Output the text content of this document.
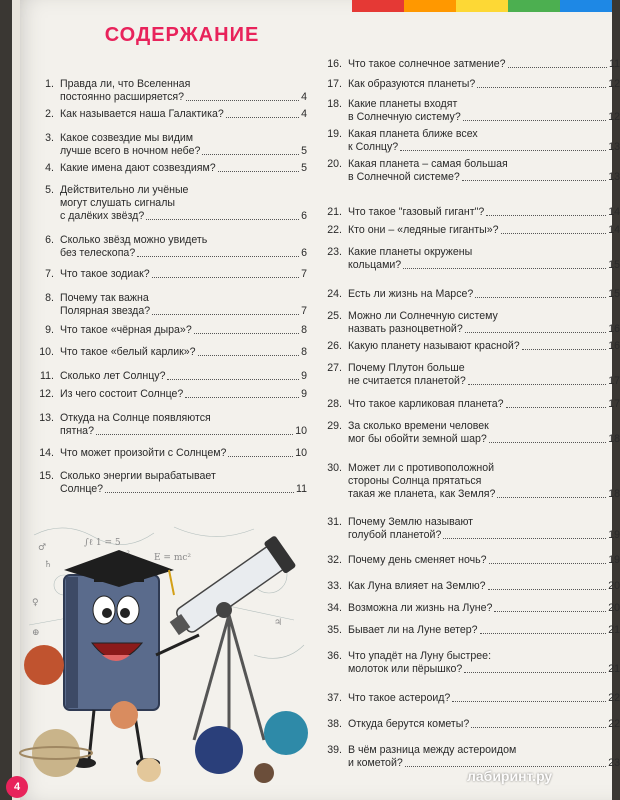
СОДЕРЖАНИЕ
1. Правда ли, что Вселенная
постоянно расширяется?	4
2. Как называется наша Галактика?	4
3. Какое созвездие мы видим
лучше всего в ночном небе?	5
4. Какие имена дают созвездиям?	5
5. Действительно ли учёные
могут слушать сигналы
с далёких звёзд?	6
6. Сколько звёзд можно увидеть
без телескопа?	6
7. Что такое зодиак?	7
8. Почему так важна
Полярная звезда?	7
9. Что такое «чёрная дыра»?	8
10. Что такое «белый карлик»?	8
11. Сколько лет Солнцу?	9
12. Из чего состоит Солнце?	9
13. Откуда на Солнце появляются
пятна?	10
14. Что может произойти с Солнцем?	10
15. Сколько энергии вырабатывает
Солнце?	11
16. Что такое солнечное затмение?	11
17. Как образуются планеты?	12
18. Какие планеты входят
в Солнечную систему?	12
19. Какая планета ближе всех
к Солнцу?	13
20. Какая планета – самая большая
в Солнечной системе?	13
21. Что такое "газовый гигант"?	14
22. Кто они – «ледяные гиганты»?	14
23. Какие планеты окружены
кольцами?	15
24. Есть ли жизнь на Марсе?	15
25. Можно ли Солнечную систему
назвать разноцветной?	16
26. Какую планету называют красной?	16
27. Почему Плутон больше
не считается планетой?	17
28. Что такое карликовая планета?	17
29. За сколько времени человек
мог бы обойти земной шар?	18
30. Может ли с противоположной
стороны Солнца прятаться
такая же планета, как Земля?	18
31. Почему Землю называют
голубой планетой?	19
32. Почему день сменяет ночь?	19
33. Как Луна влияет на Землю?	20
34. Возможна ли жизнь на Луне?	20
35. Бывает ли на Луне ветер?	21
36. Что упадёт на Луну быстрее:
молоток или пёрышко?	21
37. Что такое астероид?	22
38. Откуда берутся кометы?	22
39. В чём разница между астероидом
и кометой?	23
♂
♄
∫ℓ 1 = 5
E = mc²
♀
♃
⊕
4
лабиринт.ру
